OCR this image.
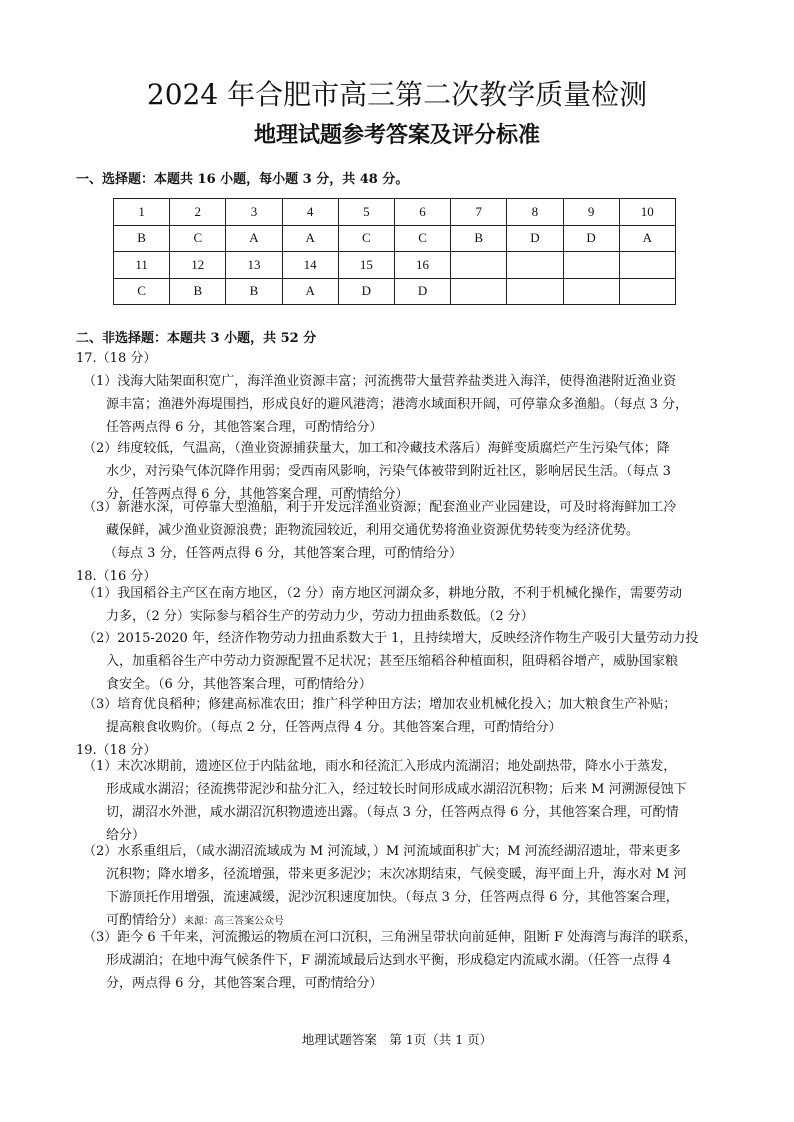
2024 年合肥市高三第二次教学质量检测
地理试题参考答案及评分标准
一、选择题：本题共 16 小题，每小题 3 分，共 48 分。
1	2	3	4	5	6	7	8	9	10
B	C	A	A	C	C	B	D	D	A
11	12	13	14	15	16				
C	B	B	A	D	D				
二、非选择题：本题共 3 小题，共 52 分
17.（18 分）
（1）浅海大陆架面积宽广，海洋渔业资源丰富；河流携带大量营养盐类进入海洋，使得渔港附近渔业资
源丰富；渔港外海堤围挡，形成良好的避风港湾；港湾水域面积开阔，可停靠众多渔船。（每点 3 分，
任答两点得 6 分，其他答案合理，可酌情给分）
（2）纬度较低，气温高，（渔业资源捕获量大，加工和冷藏技术落后）海鲜变质腐烂产生污染气体；降
水少，对污染气体沉降作用弱；受西南风影响，污染气体被带到附近社区，影响居民生活。（每点 3
分，任答两点得 6 分，其他答案合理，可酌情给分）
（3）新港水深，可停靠大型渔船，利于开发远洋渔业资源；配套渔业产业园建设，可及时将海鲜加工冷
藏保鲜，减少渔业资源浪费；距物流园较近，利用交通优势将渔业资源优势转变为经济优势。
（每点 3 分，任答两点得 6 分，其他答案合理，可酌情给分）
18.（16 分）
（1）我国稻谷主产区在南方地区，（2 分）南方地区河湖众多，耕地分散，不利于机械化操作，需要劳动
力多，（2 分）实际参与稻谷生产的劳动力少，劳动力扭曲系数低。（2 分）
（2）2015-2020 年，经济作物劳动力扭曲系数大于 1，且持续增大，反映经济作物生产吸引大量劳动力投
入，加重稻谷生产中劳动力资源配置不足状况；甚至压缩稻谷种植面积，阻碍稻谷增产，威胁国家粮
食安全。（6 分，其他答案合理，可酌情给分）
（3）培育优良稻种；修建高标准农田；推广科学种田方法；增加农业机械化投入；加大粮食生产补贴；
提高粮食收购价。（每点 2 分，任答两点得 4 分。其他答案合理，可酌情给分）
19.（18 分）
（1）末次冰期前，遗迹区位于内陆盆地，雨水和径流汇入形成内流湖沼；地处副热带，降水小于蒸发，
形成咸水湖沼；径流携带泥沙和盐分汇入，经过较长时间形成咸水湖沼沉积物；后来 M 河溯源侵蚀下
切，湖沼水外泄，咸水湖沼沉积物遗迹出露。（每点 3 分，任答两点得 6 分，其他答案合理，可酌情
给分）
（2）水系重组后，（咸水湖沼流域成为 M 河流域，）M 河流域面积扩大；M 河流经湖沼遗址，带来更多
沉积物；降水增多，径流增强，带来更多泥沙；末次冰期结束，气候变暖，海平面上升，海水对 M 河
下游顶托作用增强，流速减缓，泥沙沉积速度加快。（每点 3 分，任答两点得 6 分，其他答案合理，
可酌情给分）来源：高三答案公众号
（3）距今 6 千年来，河流搬运的物质在河口沉积，三角洲呈带状向前延伸，阻断 F 处海湾与海洋的联系，
形成湖泊；在地中海气候条件下，F 湖流域最后达到水平衡，形成稳定内流咸水湖。（任答一点得 4
分，两点得 6 分，其他答案合理，可酌情给分）
地理试题答案　第 1页（共 1 页）
